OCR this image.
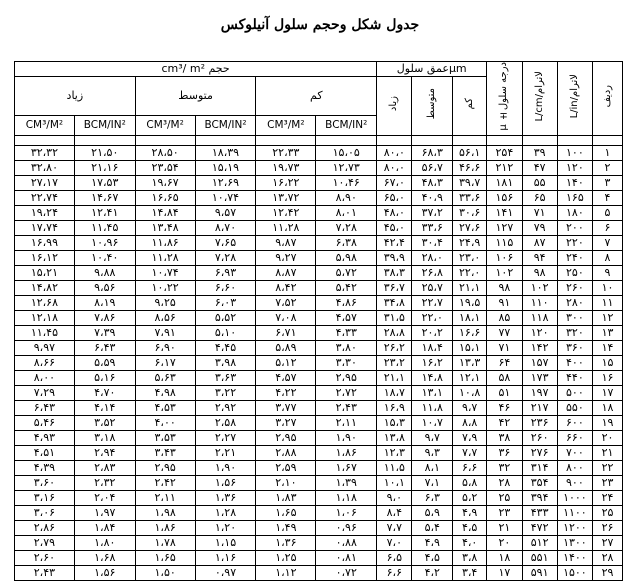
جدول شکل وحجم سلول آنیلوکس
cm³/ m² حجم						عمق سلولµm			µ ±درجه سلول	L/cm/لاترام	L/in/لاترام	ردیف
زیاد		متوسط		کم		زیاد	متوسط	کم				
CM³/M²	BCM/IN²	CM³/M²	BCM/IN²	CM³/M²	BCM/IN²							

۳۲،۳۲	۲۱،۵۰	۲۸،۵۰	۱۸،۳۹	۲۲،۳۳	۱۵،۰۵	۸۰،۰	۶۸،۳	۵۶،۱	۲۵۴	۳۹	۱۰۰	۱
۳۲،۸۰	۲۱،۱۶	۲۳،۵۴	۱۵،۱۹	۱۹،۷۳	۱۲،۷۳	۸۰،۰	۵۶،۷	۴۶،۶	۲۱۲	۴۷	۱۲۰	۲
۲۷،۱۷	۱۷،۵۳	۱۹،۶۷	۱۲،۶۹	۱۶،۲۲	۱۰،۴۶	۶۷،۰	۴۸،۳	۳۹،۷	۱۸۱	۵۵	۱۴۰	۳
۲۲،۷۴	۱۴،۶۷	۱۶،۶۵	۱۰،۷۴	۱۳،۷۲	۸،۹۰	۶۵،۰	۴۰،۹	۳۳،۶	۱۵۶	۶۵	۱۶۵	۴
۱۹،۲۴	۱۲،۴۱	۱۴،۸۴	۹،۵۷	۱۲،۴۲	۸،۰۱	۴۸،۰	۳۷،۲	۳۰،۶	۱۴۱	۷۱	۱۸۰	۵
۱۷،۷۴	۱۱،۴۵	۱۳،۴۸	۸،۷۰	۱۱،۲۸	۷،۲۸	۴۵،۰	۳۳،۶	۲۷،۶	۱۲۷	۷۹	۲۰۰	۶
۱۶،۹۹	۱۰،۹۶	۱۱،۸۶	۷،۶۵	۹،۸۷	۶،۳۸	۴۲،۴	۳۰،۴	۲۴،۹	۱۱۵	۸۷	۲۲۰	۷
۱۶،۱۲	۱۰،۴۰	۱۱،۲۸	۷،۲۸	۹،۲۷	۵،۹۸	۳۹،۹	۲۸،۰	۲۳،۰	۱۰۶	۹۴	۲۴۰	۸
۱۵،۲۱	۹،۸۸	۱۰،۷۴	۶،۹۳	۸،۸۷	۵،۷۲	۳۸،۳	۲۶،۸	۲۲،۰	۱۰۲	۹۸	۲۵۰	۹
۱۴،۸۲	۹،۵۶	۱۰،۲۲	۶،۶۰	۸،۴۲	۵،۴۲	۳۶،۷	۲۵،۷	۲۱،۱	۹۸	۱۰۲	۲۶۰	۱۰
۱۲،۶۸	۸،۱۹	۹،۲۵	۶،۰۳	۷،۵۲	۴،۸۶	۳۴،۸	۲۲،۷	۱۹،۵	۹۱	۱۱۰	۲۸۰	۱۱
۱۲،۱۸	۷،۸۶	۸،۵۶	۵،۵۲	۷،۰۸	۴،۵۷	۳۱،۵	۲۲،۰	۱۸،۱	۸۵	۱۱۸	۳۰۰	۱۲
۱۱،۴۵	۷،۳۹	۷،۹۱	۵،۱۰	۶،۷۱	۴،۳۳	۲۸،۸	۲۰،۲	۱۶،۶	۷۷	۱۲۰	۳۲۰	۱۳
۹،۹۷	۶،۴۳	۶،۹۰	۴،۴۵	۵،۸۹	۳،۸۰	۲۶،۲	۱۸،۴	۱۵،۱	۷۱	۱۴۲	۳۶۰	۱۴
۸،۶۶	۵،۵۹	۶،۱۷	۳،۹۸	۵،۱۲	۳،۳۰	۲۳،۲	۱۶،۲	۱۳،۳	۶۴	۱۵۷	۴۰۰	۱۵
۸،۰۰	۵،۱۶	۵،۶۳	۳،۶۳	۴،۵۷	۲،۹۵	۲۱،۱	۱۴،۸	۱۲،۱	۵۸	۱۷۳	۴۴۰	۱۶
۷،۲۹	۴،۷۰	۴،۹۸	۳،۲۲	۴،۲۲	۲،۷۲	۱۸،۷	۱۳،۱	۱۰،۸	۵۱	۱۹۷	۵۰۰	۱۷
۶،۴۳	۴،۱۴	۴،۵۳	۲،۹۲	۳،۷۷	۲،۴۳	۱۶،۹	۱۱،۸	۹،۷	۴۶	۲۱۷	۵۵۰	۱۸
۵،۴۶	۳،۵۲	۴،۰۰	۲،۵۸	۳،۲۷	۲،۱۱	۱۵،۳	۱۰،۷	۸،۸	۴۲	۲۳۶	۶۰۰	۱۹
۴،۹۳	۳،۱۸	۳،۵۳	۲،۲۷	۲،۹۵	۱،۹۰	۱۳،۸	۹،۷	۷،۹	۳۸	۲۶۰	۶۶۰	۲۰
۴،۵۱	۲،۹۴	۳،۴۳	۲،۲۱	۲،۸۸	۱،۸۶	۱۲،۳	۹،۳	۷،۷	۳۶	۲۷۶	۷۰۰	۲۱
۴،۳۹	۲،۸۳	۲،۹۵	۱،۹۰	۲،۵۹	۱،۶۷	۱۱،۵	۸،۱	۶،۶	۳۲	۳۱۴	۸۰۰	۲۲
۳،۶۰	۲،۳۲	۲،۴۲	۱،۵۶	۲،۱۰	۱،۳۹	۱۰،۱	۷،۱	۵،۸	۲۸	۳۵۴	۹۰۰	۲۳
۳،۱۶	۲،۰۴	۲،۱۱	۱،۳۶	۱،۸۳	۱،۱۸	۹،۰	۶،۳	۵،۲	۲۵	۳۹۴	۱۰۰۰	۲۴
۳،۰۶	۱،۹۷	۱،۹۸	۱،۲۸	۱،۶۵	۱،۰۶	۸،۴	۵،۹	۴،۹	۲۳	۴۳۳	۱۱۰۰	۲۵
۲،۸۶	۱،۸۴	۱،۸۶	۱،۲۰	۱،۴۹	۰،۹۶	۷،۷	۵،۴	۴،۵	۲۱	۴۷۲	۱۲۰۰	۲۶
۲،۷۹	۱،۸۰	۱،۷۸	۱،۱۵	۱،۳۶	۰،۸۸	۷،۰	۴،۹	۴،۰	۲۰	۵۱۲	۱۳۰۰	۲۷
۲،۶۰	۱،۶۸	۱،۶۵	۱،۱۶	۱،۲۵	۰،۸۱	۶،۵	۴،۵	۳،۸	۱۸	۵۵۱	۱۴۰۰	۲۸
۲،۴۳	۱،۵۶	۱،۵۰	۰،۹۷	۱،۱۲	۰،۷۲	۶،۶	۴،۲	۳،۴	۱۷	۵۹۱	۱۵۰۰	۲۹
